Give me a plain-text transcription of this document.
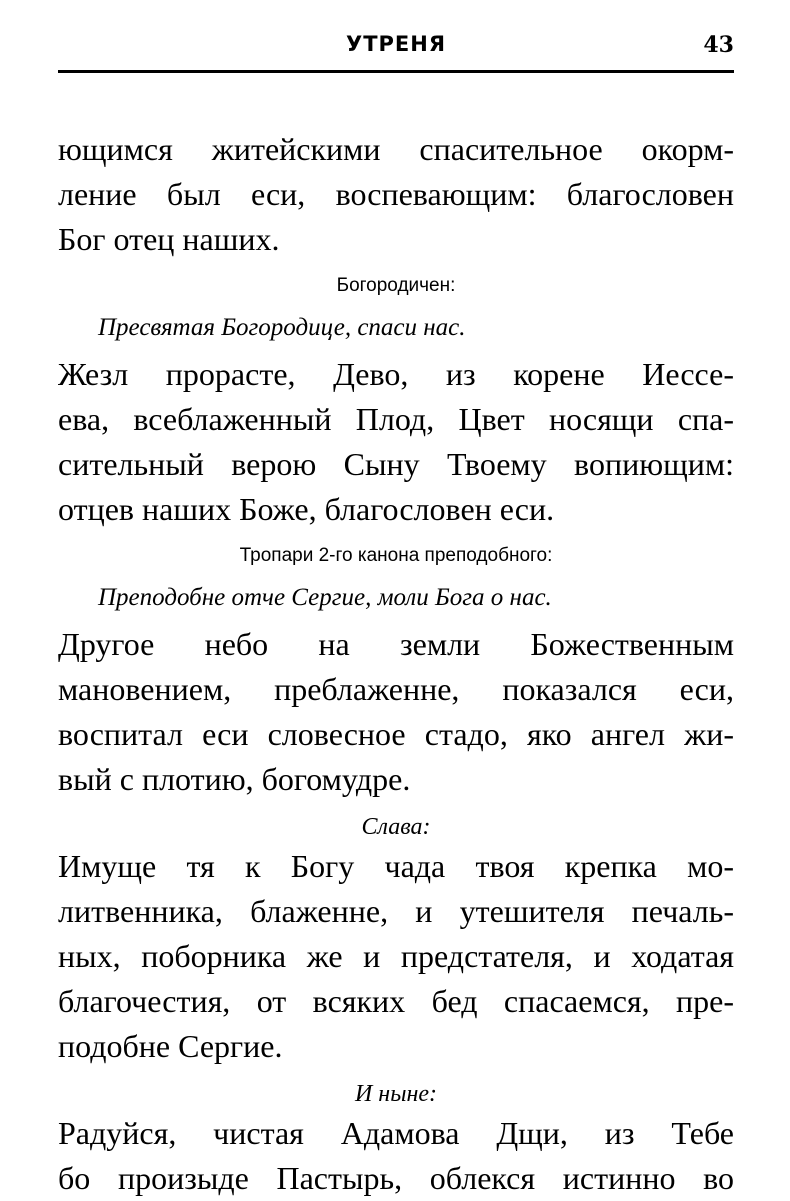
УТРЕНЯ	43

ющимся житейскими спасительное окорм-
ление был еси, воспевающим: благословен
Бог отец наших.

Богородичен:
Пресвятая Богородице, спаси нас.

Жезл прорасте, Дево, из корене Иессе-
ева, всеблаженный Плод, Цвет носящи спа-
сительный верою Сыну Твоему вопиющим:
отцев наших Боже, благословен еси.

Тропари 2-го канона преподобного:
Преподобне отче Сергие, моли Бога о нас.

Другое небо на земли Божественным
мановением, преблаженне, показался еси,
воспитал еси словесное стадо, яко ангел жи-
вый с плотию, богомудре.

Слава:

Имуще тя к Богу чада твоя крепка мо-
литвенника, блаженне, и утешителя печаль-
ных, поборника же и предстателя, и ходатая
благочестия, от всяких бед спасаемся, пре-
подобне Сергие.

И ныне:

Радуйся, чистая Адамова Дщи, из Тебе
бо произыде Пастырь, облекся истинно во
